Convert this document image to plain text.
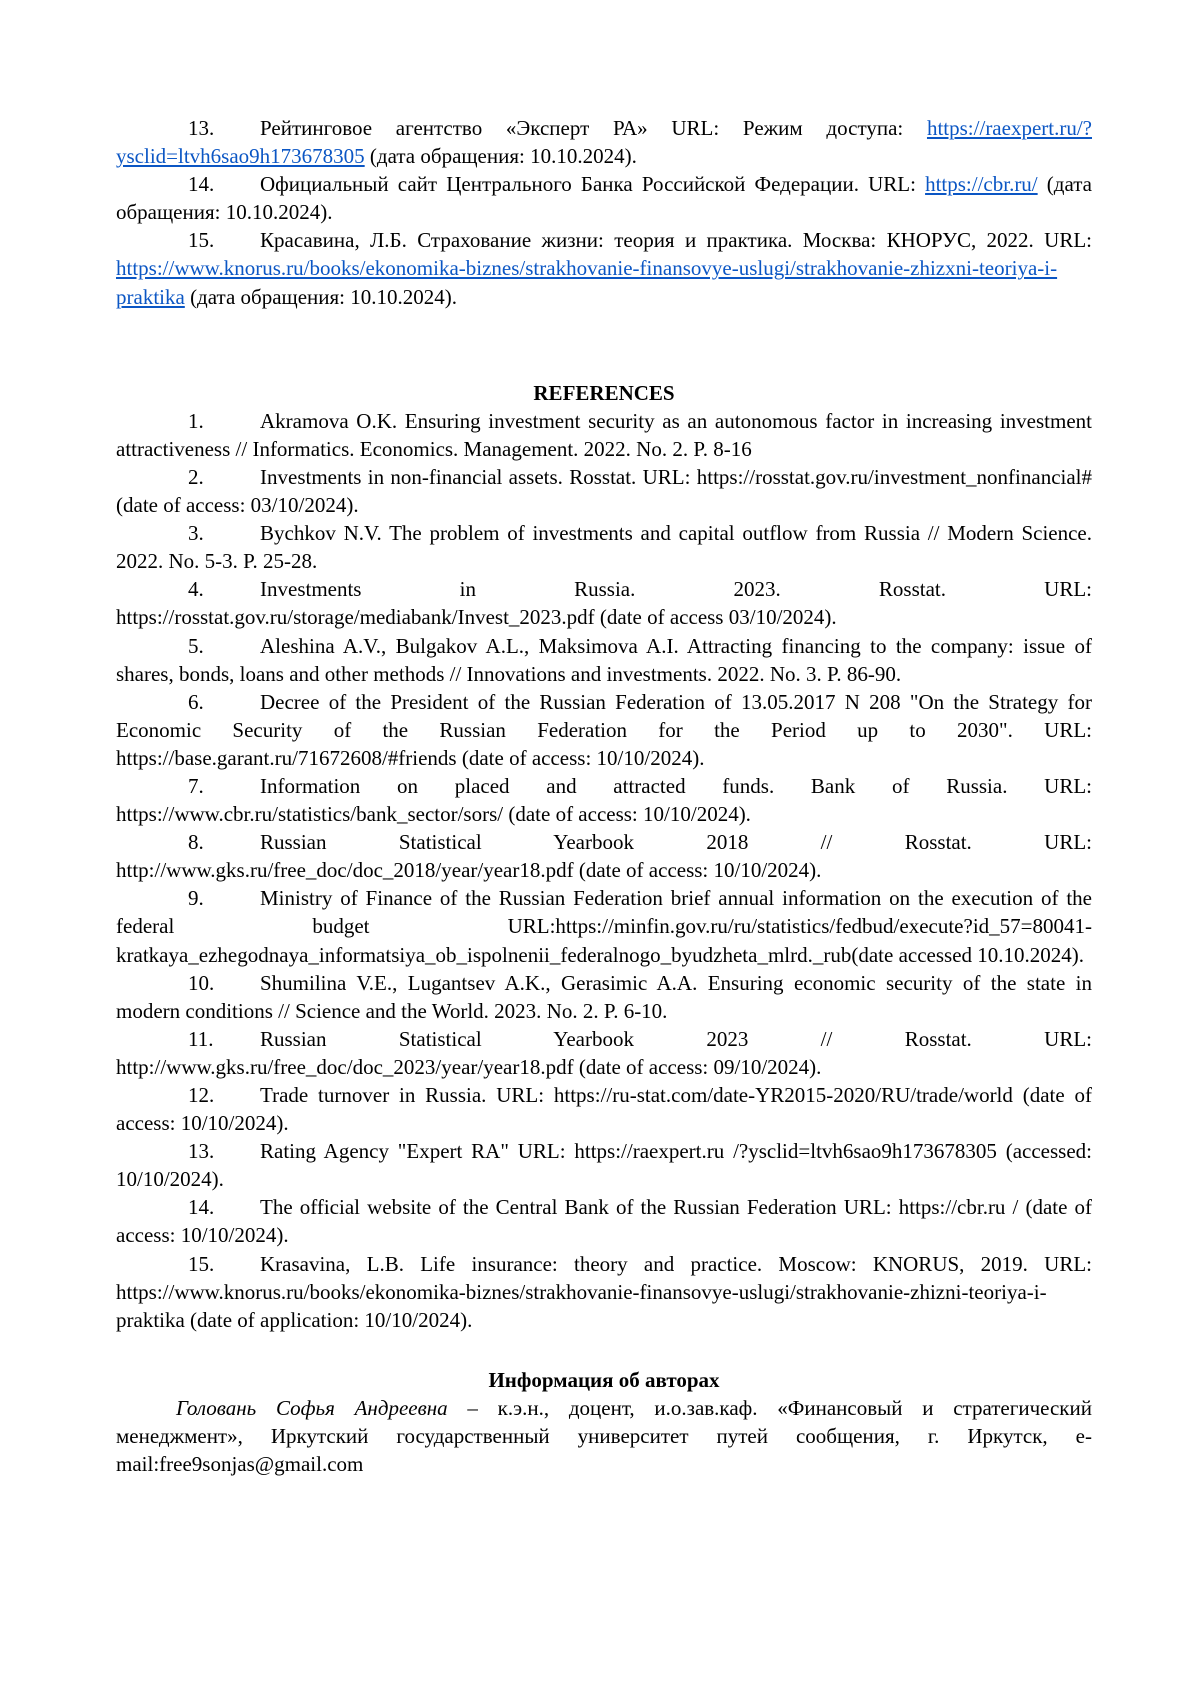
13. Рейтинговое агентство «Эксперт РА» URL: Режим доступа: https://raexpert.ru/?ysclid=ltvh6sao9h173678305 (дата обращения: 10.10.2024).

14. Официальный сайт Центрального Банка Российской Федерации. URL: https://cbr.ru/ (дата обращения: 10.10.2024).

15. Красавина, Л.Б. Страхование жизни: теория и практика. Москва: КНОРУС, 2022. URL: https://www.knorus.ru/books/ekonomika-biznes/strakhovanie-finansovye-uslugi/strakhovanie-zhizxni-teoriya-i-praktika (дата обращения: 10.10.2024).

REFERENCES

1.	Akramova O.K. Ensuring investment security as an autonomous factor in increasing investment attractiveness // Informatics. Economics. Management. 2022. No. 2. P. 8-16

2.	Investments in non-financial assets. Rosstat. URL: https://rosstat.gov.ru/investment_nonfinancial# (date of access: 03/10/2024).

3.	Bychkov N.V. The problem of investments and capital outflow from Russia // Modern Science. 2022. No. 5-3. P. 25-28.

4.	Investments in Russia. 2023. Rosstat. URL: https://rosstat.gov.ru/storage/mediabank/Invest_2023.pdf (date of access 03/10/2024).

5.	Aleshina A.V., Bulgakov A.L., Maksimova A.I. Attracting financing to the company: issue of shares, bonds, loans and other methods // Innovations and investments. 2022. No. 3. P. 86-90.

6.	Decree of the President of the Russian Federation of 13.05.2017 N 208 "On the Strategy for Economic Security of the Russian Federation for the Period up to 2030". URL: https://base.garant.ru/71672608/#friends (date of access: 10/10/2024).

7.	Information on placed and attracted funds. Bank of Russia. URL: https://www.cbr.ru/statistics/bank_sector/sors/ (date of access: 10/10/2024).

8.	Russian Statistical Yearbook 2018 // Rosstat. URL: http://www.gks.ru/free_doc/doc_2018/year/year18.pdf (date of access: 10/10/2024).

9.	Ministry of Finance of the Russian Federation brief annual information on the execution of the federal budget URL:https://minfin.gov.ru/ru/statistics/fedbud/execute?id_57=80041-kratkaya_ezhegodnaya_informatsiya_ob_ispolnenii_federalnogo_byudzheta_mlrd._rub(date accessed 10.10.2024).

10. Shumilina V.E., Lugantsev A.K., Gerasimic A.A. Ensuring economic security of the state in modern conditions // Science and the World. 2023. No. 2. P. 6-10.

11. Russian Statistical Yearbook 2023 // Rosstat. URL: http://www.gks.ru/free_doc/doc_2023/year/year18.pdf (date of access: 09/10/2024).

12. Trade turnover in Russia. URL: https://ru-stat.com/date-YR2015-2020/RU/trade/world (date of access: 10/10/2024).

13. Rating Agency "Expert RA" URL: https://raexpert.ru /?ysclid=ltvh6sao9h173678305 (accessed: 10/10/2024).

14. The official website of the Central Bank of the Russian Federation URL: https://cbr.ru / (date of access: 10/10/2024).

15. Krasavina, L.B. Life insurance: theory and practice. Moscow: KNORUS, 2019. URL: https://www.knorus.ru/books/ekonomika-biznes/strakhovanie-finansovye-uslugi/strakhovanie-zhizni-teoriya-i-praktika (date of application: 10/10/2024).

Информация об авторах

Головань Софья Андреевна – к.э.н., доцент, и.о.зав.каф. «Финансовый и стратегический менеджмент», Иркутский государственный университет путей сообщения, г. Иркутск, e-mail:free9sonjas@gmail.com
